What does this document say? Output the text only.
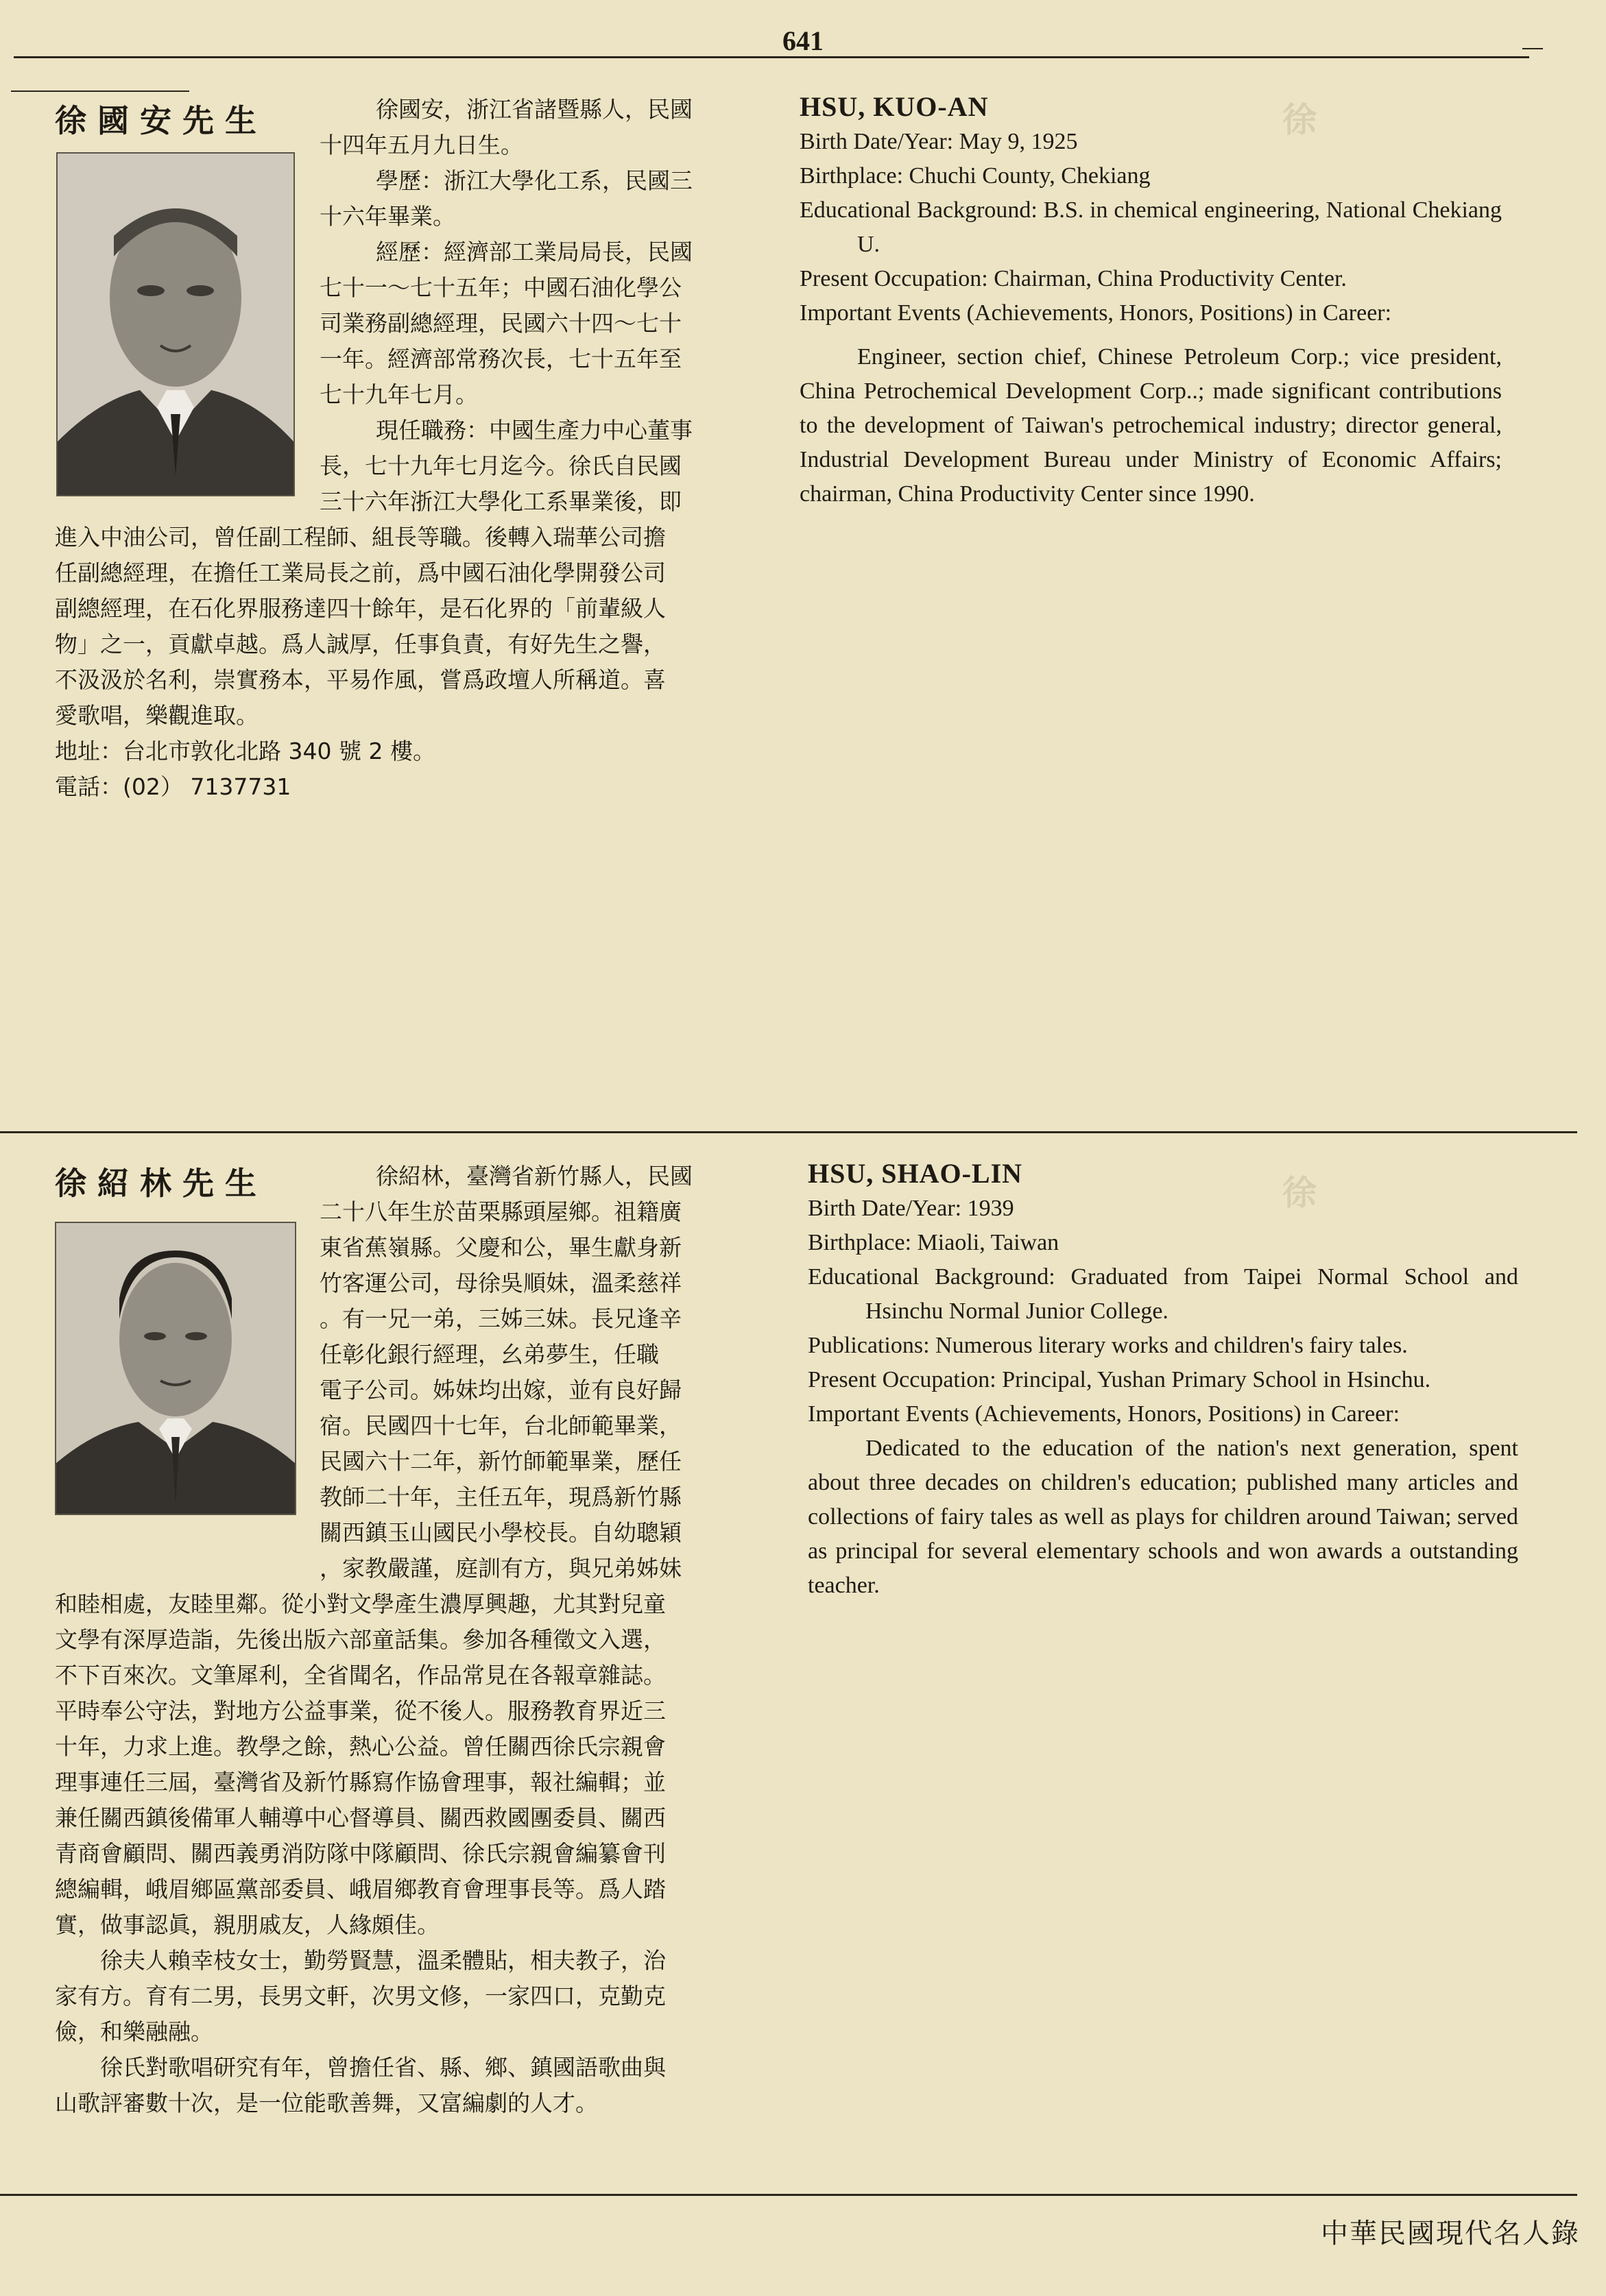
641
徐
徐
徐國安先生	徐國安，浙江省諸暨縣人，民國
十四年五月九日生。
學歷：浙江大學化工系，民國三
十六年畢業。
經歷：經濟部工業局局長，民國
七十一～七十五年；中國石油化學公
司業務副總經理，民國六十四～七十
一年。經濟部常務次長，七十五年至
七十九年七月。
現任職務：中國生產力中心董事
長，七十九年七月迄今。徐氏自民國
三十六年浙江大學化工系畢業後，即
進入中油公司，曾任副工程師、組長等職。後轉入瑞華公司擔
任副總經理，在擔任工業局長之前，爲中國石油化學開發公司
副總經理，在石化界服務達四十餘年，是石化界的「前輩級人
物」之一，貢獻卓越。爲人誠厚，任事負責，有好先生之譽，
不汲汲於名利，崇實務本，平易作風，嘗爲政壇人所稱道。喜
愛歌唱，樂觀進取。
地址：台北市敦化北路 340 號 2 樓。
電話：(02） 7137731
HSU, KUO-AN

Birth Date/Year: May 9, 1925

Birthplace: Chuchi County, Chekiang

Educational Background: B.S. in chemical engineering, National Chekiang U.

Present Occupation: Chairman, China Productivity Center.

Important Events (Achievements, Honors, Positions) in Career:

Engineer, section chief, Chinese Petroleum Corp.; vice president, China Petrochemical Development Corp..; made significant contributions to the development of Taiwan's petrochemical industry; director general, Industrial Development Bureau under Ministry of Economic Affairs; chairman, China Productivity Center since 1990.

徐紹林先生	徐紹林，臺灣省新竹縣人，民國
二十八年生於苗栗縣頭屋鄉。祖籍廣
東省蕉嶺縣。父慶和公，畢生獻身新
竹客運公司，母徐吳順妹，溫柔慈祥
。有一兄一弟，三姊三妹。長兄逢辛
任彰化銀行經理，幺弟夢生，任職
電子公司。姊妹均出嫁，並有良好歸
宿。民國四十七年，台北師範畢業，
民國六十二年，新竹師範畢業，歷任
教師二十年，主任五年，現爲新竹縣
關西鎮玉山國民小學校長。自幼聰穎
，家教嚴謹，庭訓有方，與兄弟姊妹
和睦相處，友睦里鄰。從小對文學產生濃厚興趣，尤其對兒童
文學有深厚造詣，先後出版六部童話集。參加各種徵文入選，
不下百來次。文筆犀利，全省聞名，作品常見在各報章雜誌。
平時奉公守法，對地方公益事業，從不後人。服務教育界近三
十年，力求上進。教學之餘，熱心公益。曾任關西徐氏宗親會
理事連任三屆，臺灣省及新竹縣寫作協會理事，報社編輯；並
兼任關西鎮後備軍人輔導中心督導員、關西救國團委員、關西
青商會顧問、關西義勇消防隊中隊顧問、徐氏宗親會編纂會刊
總編輯，峨眉鄉區黨部委員、峨眉鄉教育會理事長等。爲人踏
實，做事認眞，親朋戚友，人緣頗佳。
徐夫人賴幸枝女士，勤勞賢慧，溫柔體貼，相夫教子，治
家有方。育有二男，長男文軒，次男文修，一家四口，克勤克
儉，和樂融融。
徐氏對歌唱研究有年，曾擔任省、縣、鄉、鎮國語歌曲與
山歌評審數十次，是一位能歌善舞，又富編劇的人才。
HSU, SHAO-LIN

Birth Date/Year: 1939

Birthplace: Miaoli, Taiwan

Educational Background: Graduated from Taipei Normal School and Hsinchu Normal Junior College.

Publications: Numerous literary works and children's fairy tales.

Present Occupation: Principal, Yushan Primary School in Hsinchu.

Important Events (Achievements, Honors, Positions) in Career:

Dedicated to the education of the nation's next generation, spent about three decades on children's education; published many articles and collections of fairy tales as well as plays for children around Taiwan; served as principal for several elementary schools and won awards a outstanding teacher.

中華民國現代名人錄
